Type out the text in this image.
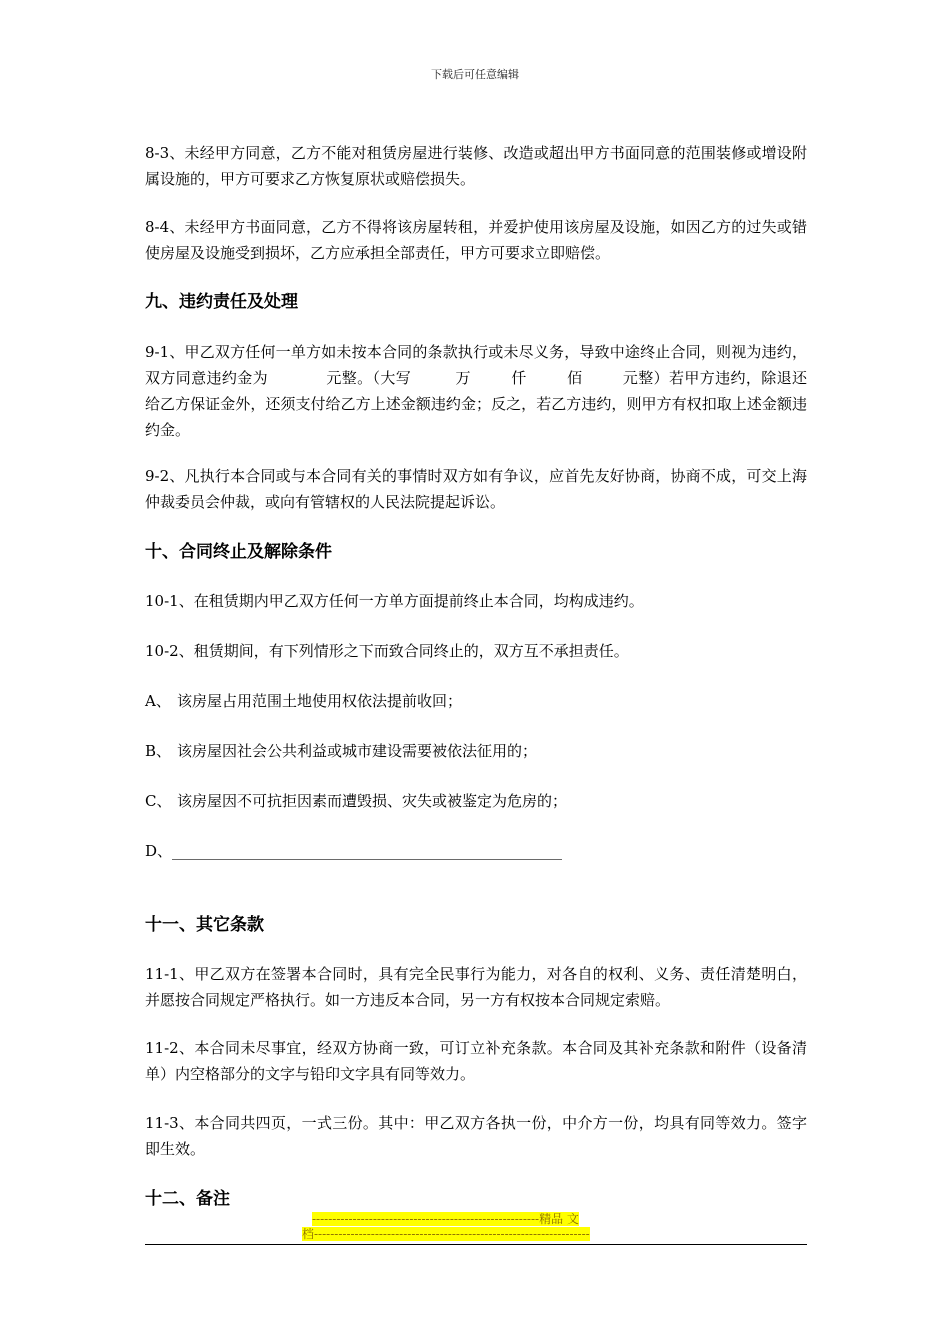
下载后可任意编辑

8-3、未经甲方同意，乙方不能对租赁房屋进行装修、改造或超出甲方书面同意的范围装修或增设附属设施的，甲方可要求乙方恢复原状或赔偿损失。

8-4、未经甲方书面同意，乙方不得将该房屋转租，并爱护使用该房屋及设施，如因乙方的过失或错使房屋及设施受到损坏，乙方应承担全部责任，甲方可要求立即赔偿。

九、违约责任及处理

9-1、甲乙双方任何一单方如未按本合同的条款执行或未尽义务，导致中途终止合同，则视为违约，双方同意违约金为	元整。（大写	万	仟	佰	元整）若甲方违约，除退还给乙方保证金外，还须支付给乙方上述金额违约金；反之，若乙方违约，则甲方有权扣取上述金额违约金。

9-2、凡执行本合同或与本合同有关的事情时双方如有争议，应首先友好协商，协商不成，可交上海仲裁委员会仲裁，或向有管辖权的人民法院提起诉讼。

十、合同终止及解除条件

10-1、在租赁期内甲乙双方任何一方单方面提前终止本合同，均构成违约。

10-2、租赁期间，有下列情形之下而致合同终止的，双方互不承担责任。

A、 该房屋占用范围土地使用权依法提前收回；

B、 该房屋因社会公共利益或城市建设需要被依法征用的；

C、 该房屋因不可抗拒因素而遭毁损、灾失或被鉴定为危房的；

D、____________________________________________________

十一、其它条款

11-1、甲乙双方在签署本合同时，具有完全民事行为能力，对各自的权利、义务、责任清楚明白，并愿按合同规定严格执行。如一方违反本合同，另一方有权按本合同规定索赔。

11-2、本合同未尽事宜，经双方协商一致，可订立补充条款。本合同及其补充条款和附件（设备清单）内空格部分的文字与铅印文字具有同等效力。

11-3、本合同共四页，一式三份。其中：甲乙双方各执一份，中介方一份，均具有同等效力。签字即生效。

十二、备注
--------------------------------------------------------精品 文
档--------------------------------------------------------------------
